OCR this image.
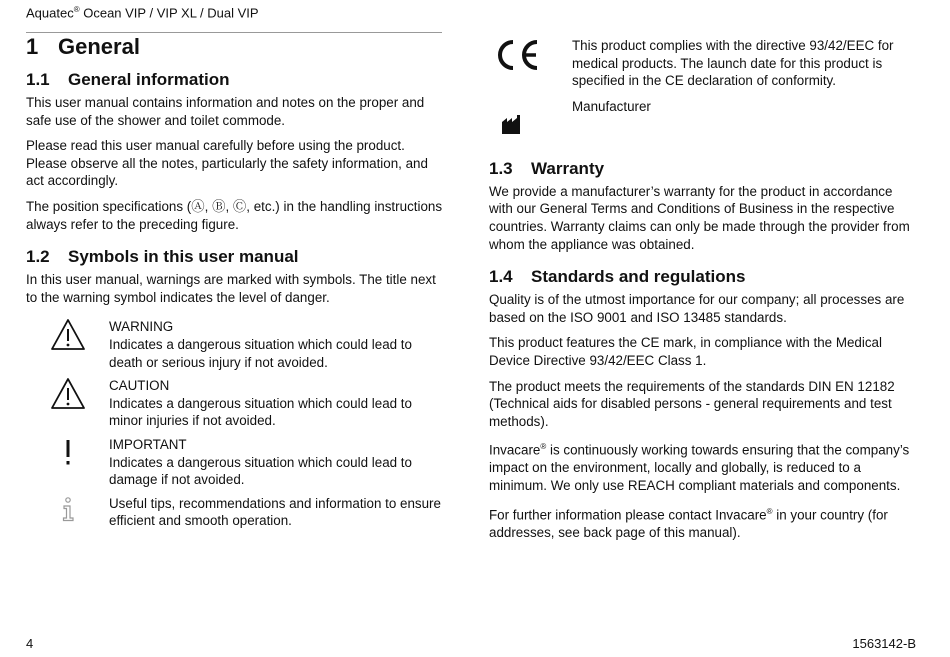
Aquatec® Ocean VIP / VIP XL / Dual VIP
1 General
1.1 General information

This user manual contains information and notes on the proper and safe use of the shower and toilet commode.

Please read this user manual carefully before using the product. Please observe all the notes, particularly the safety information, and act accordingly.

The position specifications (Ⓐ, Ⓑ, Ⓒ, etc.) in the handling instructions always refer to the preceding figure.

1.2 Symbols in this user manual

In this user manual, warnings are marked with symbols. The title next to the warning symbol indicates the level of danger.

WARNING
Indicates a dangerous situation which could lead to death or serious injury if not avoided.
CAUTION
Indicates a dangerous situation which could lead to minor injuries if not avoided.
IMPORTANT
Indicates a dangerous situation which could lead to damage if not avoided.
Useful tips, recommendations and information to ensure efficient and smooth operation.

This product complies with the directive 93/42/EEC for medical products. The launch date for this product is specified in the CE declaration of conformity.

Manufacturer

1.3 Warranty

We provide a manufacturer’s warranty for the product in accordance with our General Terms and Conditions of Business in the respective countries. Warranty claims can only be made through the provider from whom the appliance was obtained.

1.4 Standards and regulations

Quality is of the utmost importance for our company; all processes are based on the ISO 9001 and ISO 13485 standards.

This product features the CE mark, in compliance with the Medical Device Directive 93/42/EEC Class 1.

The product meets the requirements of the standards DIN EN 12182 (Technical aids for disabled persons - general requirements and test methods).

Invacare® is continuously working towards ensuring that the company’s impact on the environment, locally and globally, is reduced to a minimum. We only use REACH compliant materials and components.

For further information please contact Invacare® in your country (for addresses, see back page of this manual).

4	1563142-B
